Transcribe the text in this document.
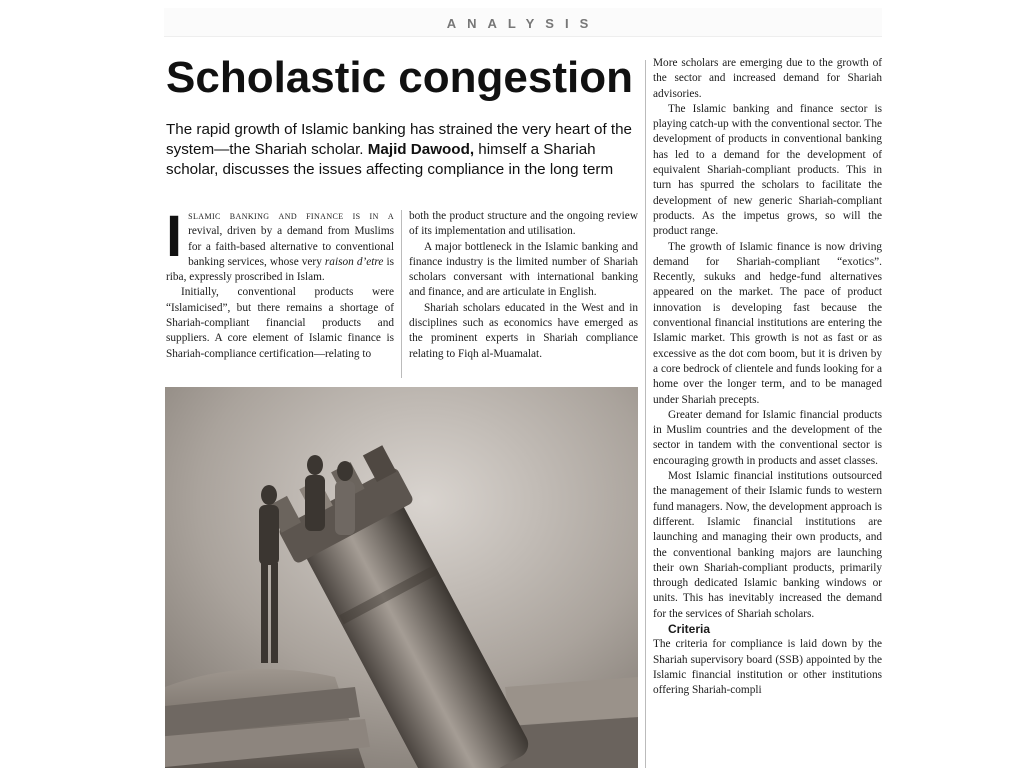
ANALYSIS
Scholastic congestion
The rapid growth of Islamic banking has strained the very heart of the system—the Shariah scholar. Majid Dawood, himself a Shariah scholar, discusses the issues affecting compliance in the long term

Islamic banking and finance is in a revival, driven by a demand from Muslims for a faith-based alternative to conventional banking services, whose very raison d’etre is riba, expressly proscribed in Islam.

Initially, conventional products were “Islamicised”, but there remains a shortage of Shariah-compliant financial products and suppliers. A core element of Islamic finance is Shariah-compliance certification—relating to

both the product structure and the ongoing review of its implementation and utilisation.

A major bottleneck in the Islamic banking and finance industry is the limited number of Shariah scholars conversant with international banking and finance, and are articulate in English.

Shariah scholars educated in the West and in disciplines such as economics have emerged as the prominent experts in Shariah compliance relating to Fiqh al-Muamalat.

More scholars are emerging due to the growth of the sector and increased demand for Shariah advisories.

The Islamic banking and finance sector is playing catch-up with the conventional sector. The development of products in conventional banking has led to a demand for the development of equivalent Shariah-compliant products. This in turn has spurred the scholars to facilitate the development of new generic Shariah-compliant products. As the impetus grows, so will the product range.

The growth of Islamic finance is now driving demand for Shariah-compliant “exotics”. Recently, sukuks and hedge-fund alternatives appeared on the market. The pace of product innovation is developing fast because the conventional financial institutions are entering the Islamic market. This growth is not as fast or as excessive as the dot com boom, but it is driven by a core bedrock of clientele and funds looking for a home over the longer term, and to be managed under Shariah precepts.

Greater demand for Islamic financial products in Muslim countries and the development of the sector in tandem with the conventional sector is encouraging growth in products and asset classes.

Most Islamic financial institutions outsourced the management of their Islamic funds to western fund managers. Now, the development approach is different. Islamic financial institutions are launching and managing their own products, and the conventional banking majors are launching their own Shariah-compliant products, primarily through dedicated Islamic banking windows or units. This has inevitably increased the demand for the services of Shariah scholars.

Criteria

The criteria for compliance is laid down by the Shariah supervisory board (SSB) appointed by the Islamic financial institution or other institutions offering Shariah-compli
